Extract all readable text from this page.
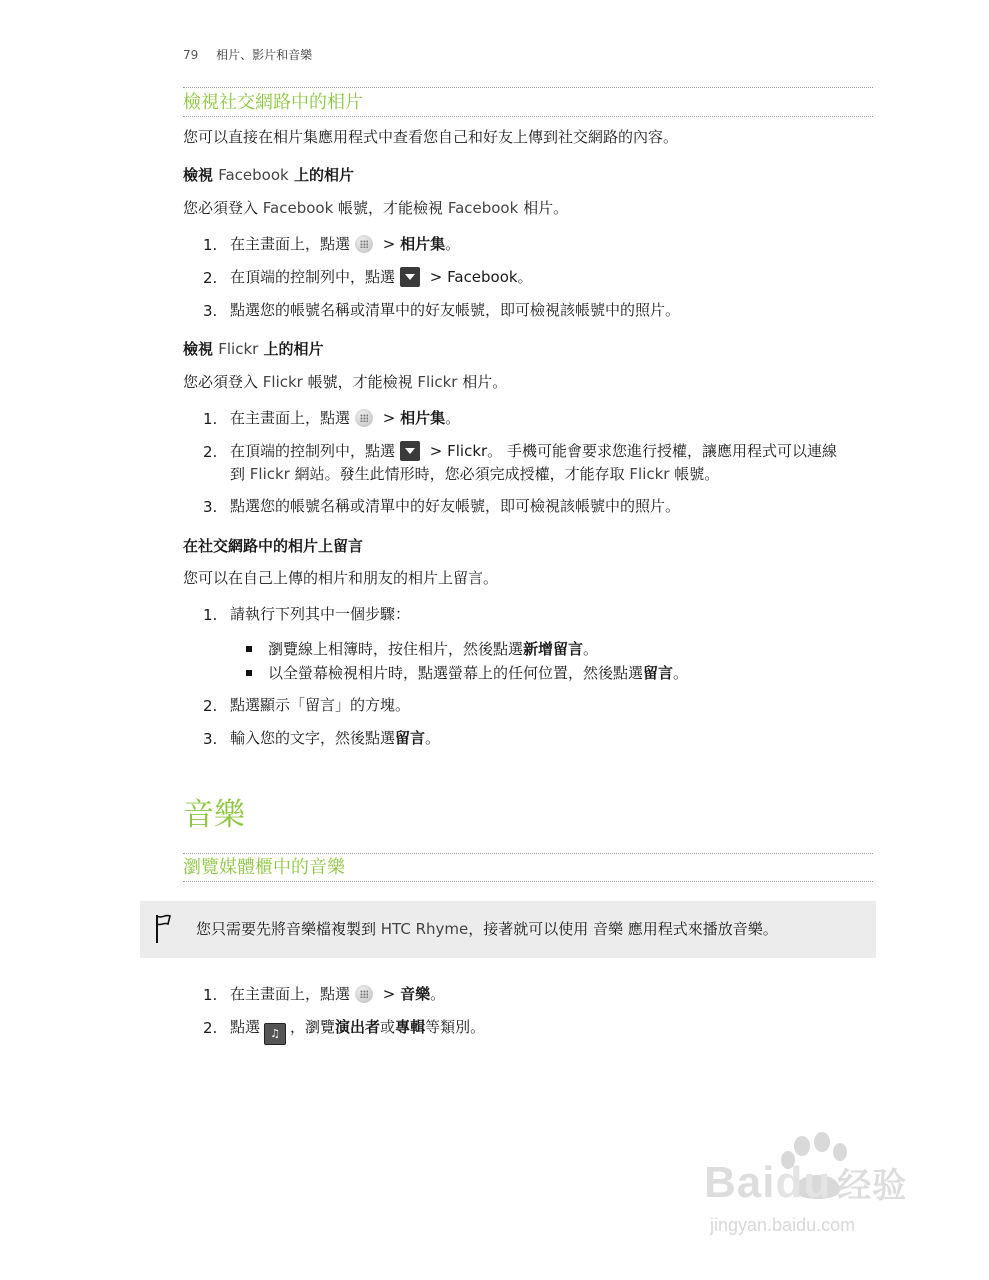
79 相片、影片和音樂
檢視社交網路中的相片
您可以直接在相片集應用程式中查看您自己和好友上傳到社交網路的內容。
檢視 Facebook 上的相片
您必須登入 Facebook 帳號，才能檢視 Facebook 相片。
1. 在主畫面上，點選 > 相片集。
2. 在頂端的控制列中，點選 > Facebook。
3. 點選您的帳號名稱或清單中的好友帳號，即可檢視該帳號中的照片。
檢視 Flickr 上的相片
您必須登入 Flickr 帳號，才能檢視 Flickr 相片。
1. 在主畫面上，點選 > 相片集。
2. 在頂端的控制列中，點選 > Flickr。 手機可能會要求您進行授權，讓應用程式可以連線
到 Flickr 網站。發生此情形時，您必須完成授權，才能存取 Flickr 帳號。
3. 點選您的帳號名稱或清單中的好友帳號，即可檢視該帳號中的照片。
在社交網路中的相片上留言
您可以在自己上傳的相片和朋友的相片上留言。
1. 請執行下列其中一個步驟：
瀏覽線上相簿時，按住相片，然後點選新增留言。
以全螢幕檢視相片時，點選螢幕上的任何位置，然後點選留言。
2. 點選顯示「留言」的方塊。
3. 輸入您的文字，然後點選留言。
音樂
瀏覽媒體櫃中的音樂
您只需要先將音樂檔複製到 HTC Rhyme，接著就可以使用 音樂 應用程式來播放音樂。
1. 在主畫面上，點選 > 音樂。
2. 點選 ♫ ，瀏覽演出者或專輯等類別。
Baidu 经验
jingyan.baidu.com
